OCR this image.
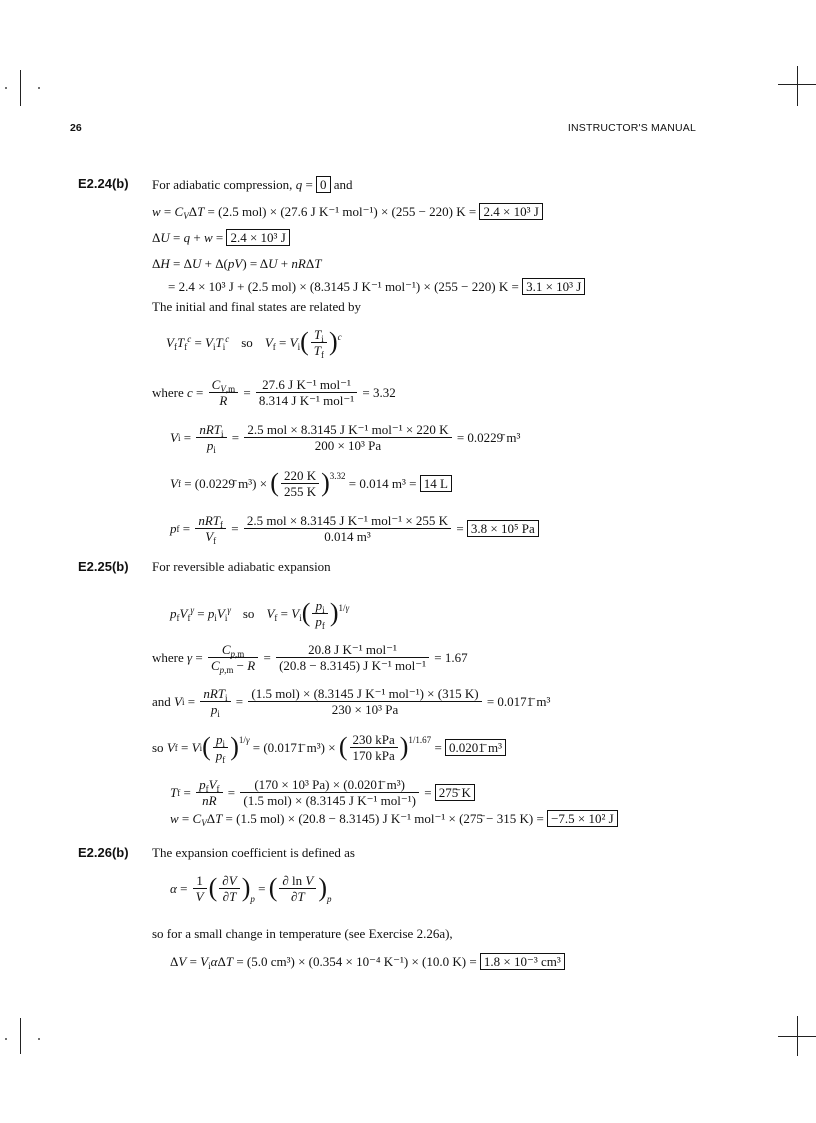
26	INSTRUCTOR'S MANUAL
E2.24(b) For adiabatic compression, q = 0 and
$w = C_V\Delta T = (2.5$ mol) × (27.6 J K⁻¹ mol⁻¹) × (255 − 220) K = 2.4 × 10³ J
ΔU = q + w = 2.4 × 10³ J
ΔH = ΔU + Δ(pV) = ΔU + nRΔT
= 2.4 × 10³ J + (2.5 mol) × (8.3145 J K⁻¹ mol⁻¹) × (255 − 220) K = 3.1 × 10³ J
The initial and final states are related by
$V_fT_f^c = V_iT_i^c$ so $V_f = V_i$ ( $\frac{T_i}{T_f}$ ) $^c$
where
$c = \frac{C_{V,m}}{R} = \frac{\text{27.6 J K⁻¹ mol⁻¹}}{\text{8.314 J K⁻¹ mol⁻¹}}$
= 3.32
V $i = \frac{nRT_i}{p_i} = \frac{\text{2.5 mol × 8.3145 J K⁻¹ mol⁻¹ × 220 K}}{\text{200 × 10³ Pa}}$
= 0.0229̄ m³
V f
= (0.0229̄ m³) ×
( $\frac{220 K}{255 K} )^{3.32}$
= 0.014 m³ =
14 L
p $f = \frac{nRT_f}{V_f} = \frac{\text{2.5 mol × 8.3145 J K⁻¹ mol⁻¹ × 255 K}}{\text{0.014 m³}} = 3.8 \times 10^5$ Pa
E2.25(b) For reversible adiabatic expansion
$p_fV_f^\gamma = p_iV_i^\gamma$ so $V_f = V_i$ ( $\frac{p_i}{p_f} )^{1/\gamma}$
where
$\gamma = \frac{C_{p,m}}{C_{p,m} - R} = \frac{\text{20.8 J K⁻¹ mol⁻¹}}{\text{(20.8 − 8.3145) J K⁻¹ mol⁻¹}}$
= 1.67
and
V $i = \frac{nRT_i}{p_i} = \frac{\text{(1.5 mol) × (8.3145 J K⁻¹ mol⁻¹) × (315 K)}}{\text{230 × 10³ Pa}}$
= 0.0171̄ m³
so
V f = V i ( $\frac{p_i}{p_f} )^{1/\gamma}$
= (0.0171̄ m³) ×
( $\frac{\text{230 kPa}}{\text{170 kPa}} )^{1/1.67}$ = 0.0201̄ m³
T $f = \frac{p_fV_f}{nR} = \frac{\text{(170 × 10³ Pa) × (0.0201̄ m³)}}{\text{(1.5 mol) × (8.3145 J K⁻¹ mol⁻¹)}}$ = 275̄ K
$w = C_V\Delta T = (1.5$ mol) × (20.8 − 8.3145) J K⁻¹ mol⁻¹ × (275̄ − 315 K) = −7.5 × 10² J
E2.26(b) The expansion coefficient is defined as
$\alpha = \frac{1}{V}$ ( $\frac{\partial V}{\partial T}$ ) $_p$
= ( $\frac{\text{∂ ln V}}{\partial T}$ ) $_p$
so for a small change in temperature (see Exercise 2.26a),
$\Delta V = V_i\alpha\Delta T = (5.0$ cm³) × (0.354 × 10⁻⁴ K⁻¹) × (10.0 K) = 1.8 × 10⁻³ cm³
